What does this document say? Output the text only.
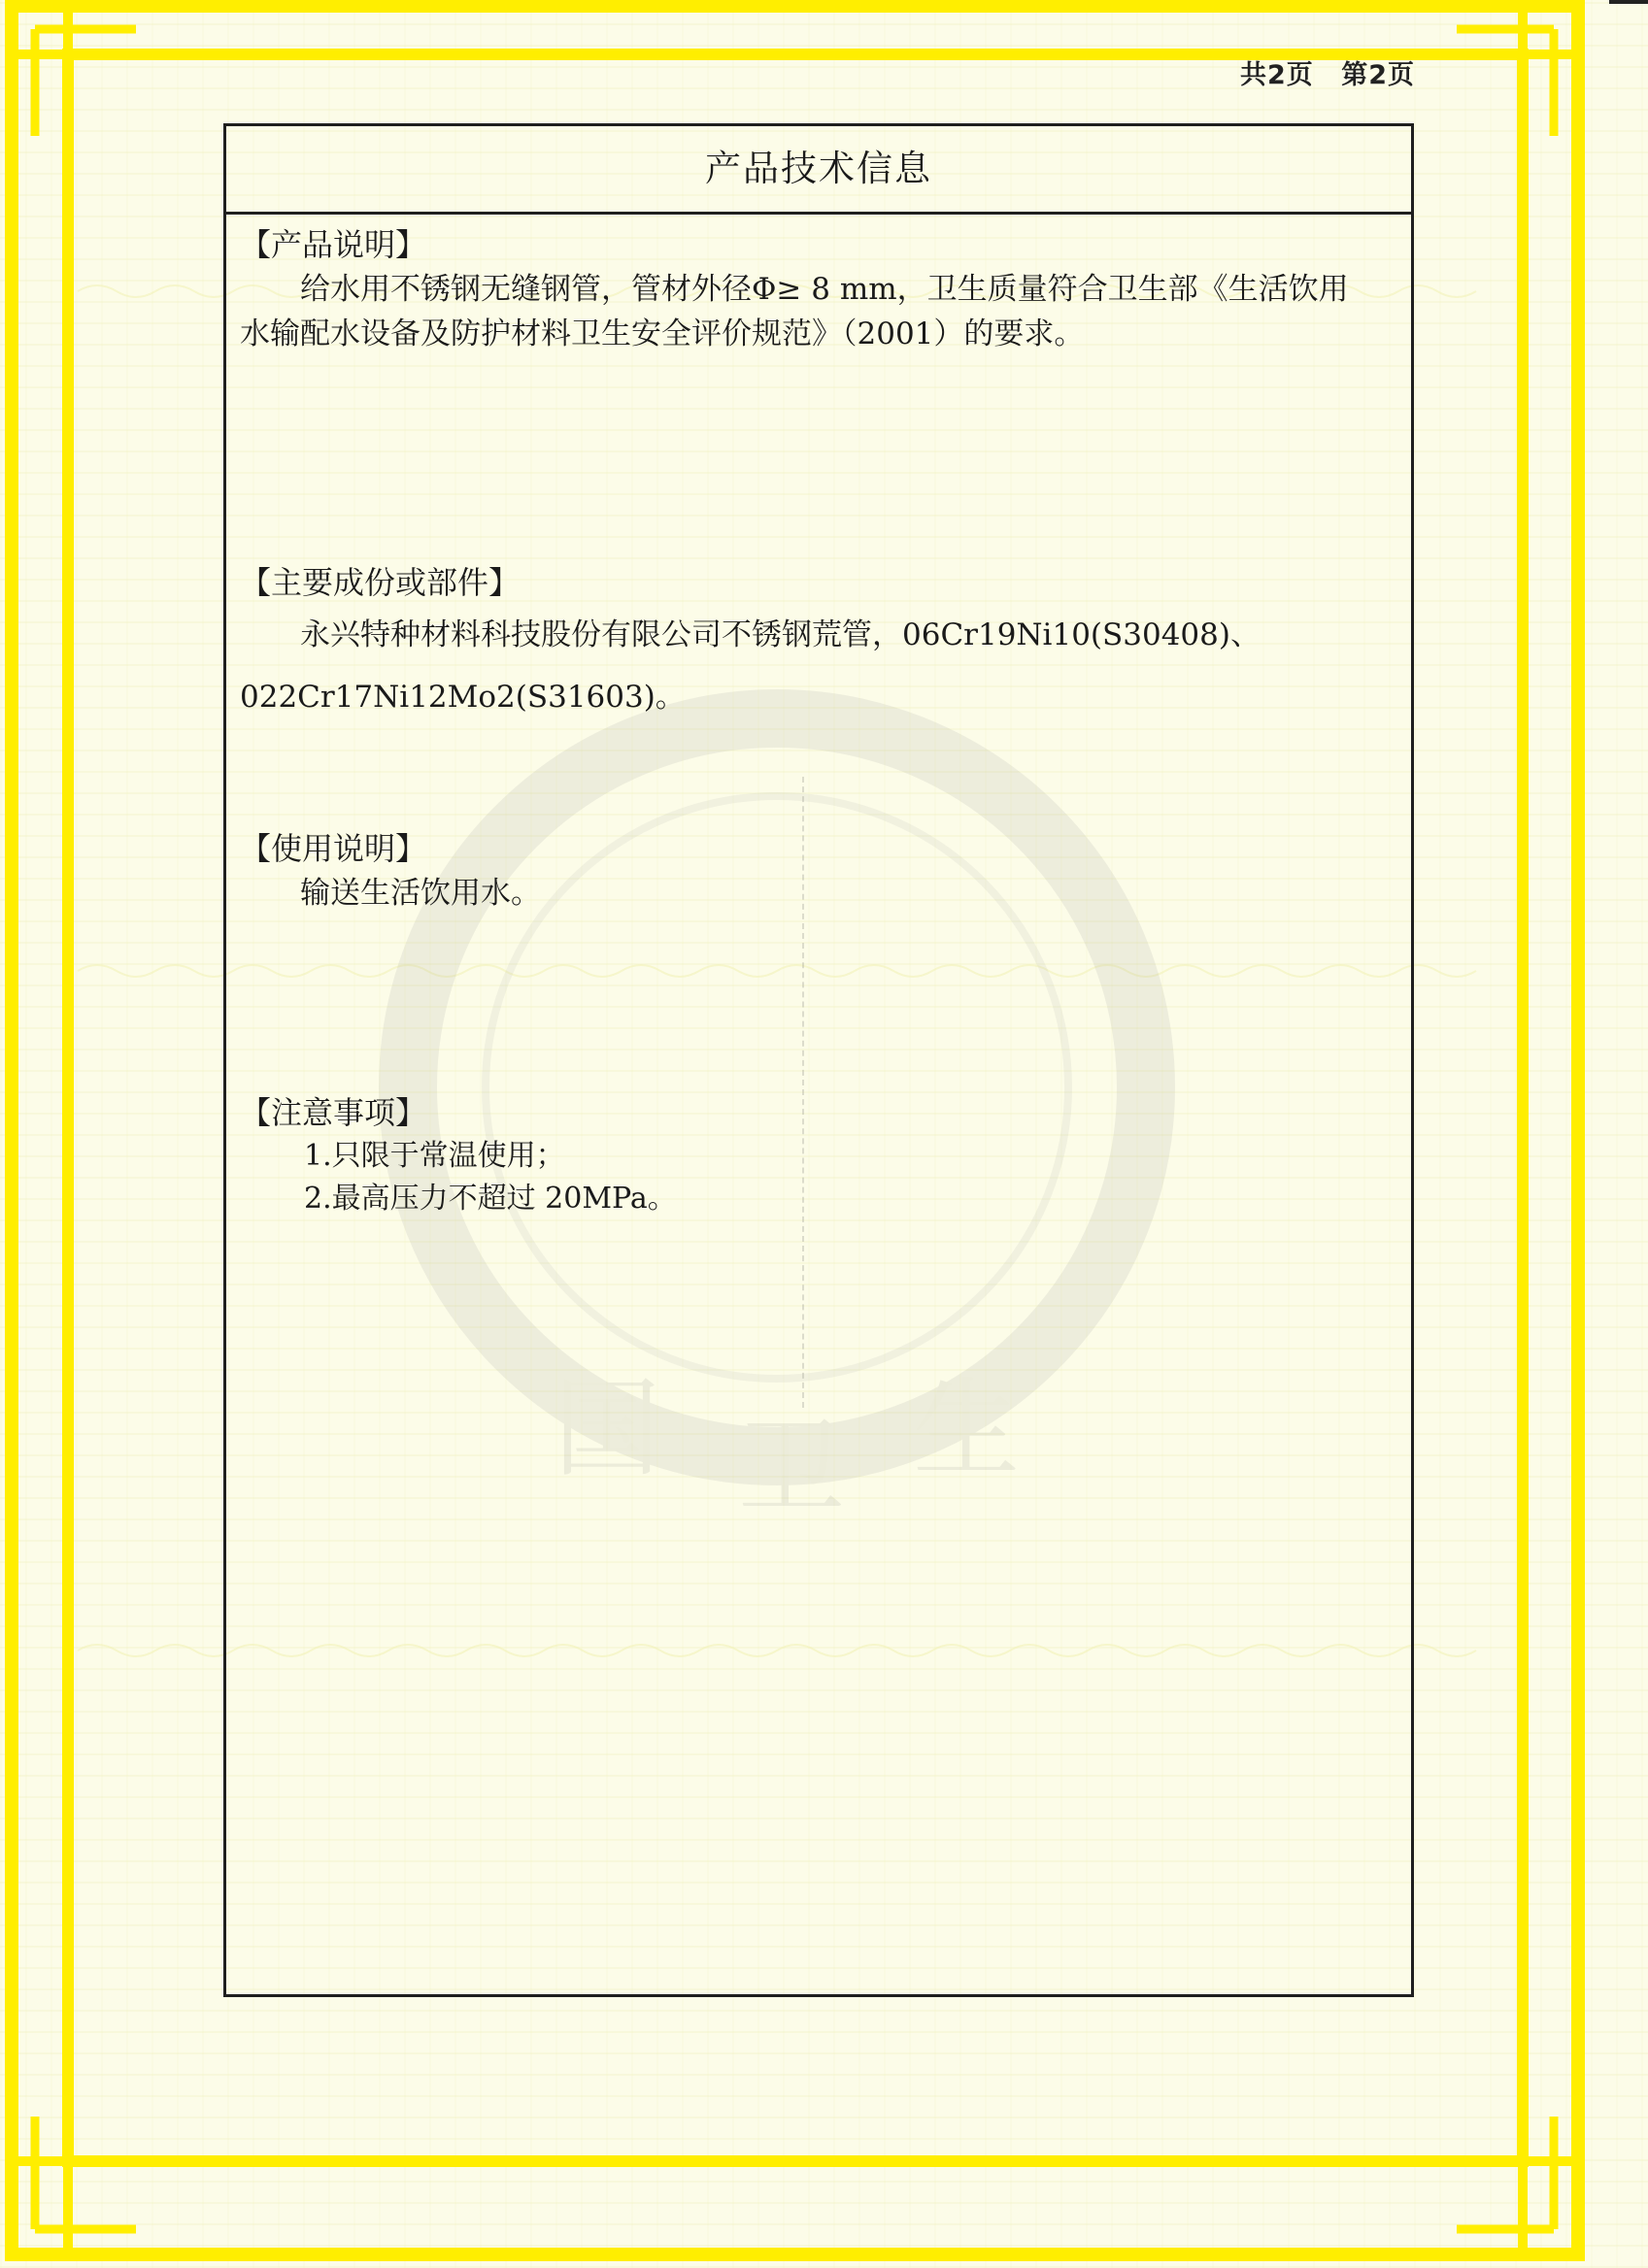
共2页 第2页
国 卫 生
产品技术信息
【产品说明】
给水用不锈钢无缝钢管，管材外径Φ≥ 8 mm，卫生质量符合卫生部《生活饮用
水输配水设备及防护材料卫生安全评价规范》（2001）的要求。
【主要成份或部件】
永兴特种材料科技股份有限公司不锈钢荒管，06Cr19Ni10(S30408)、
022Cr17Ni12Mo2(S31603)。
【使用说明】
输送生活饮用水。
【注意事项】
1.只限于常温使用；
2.最高压力不超过 20MPa。
